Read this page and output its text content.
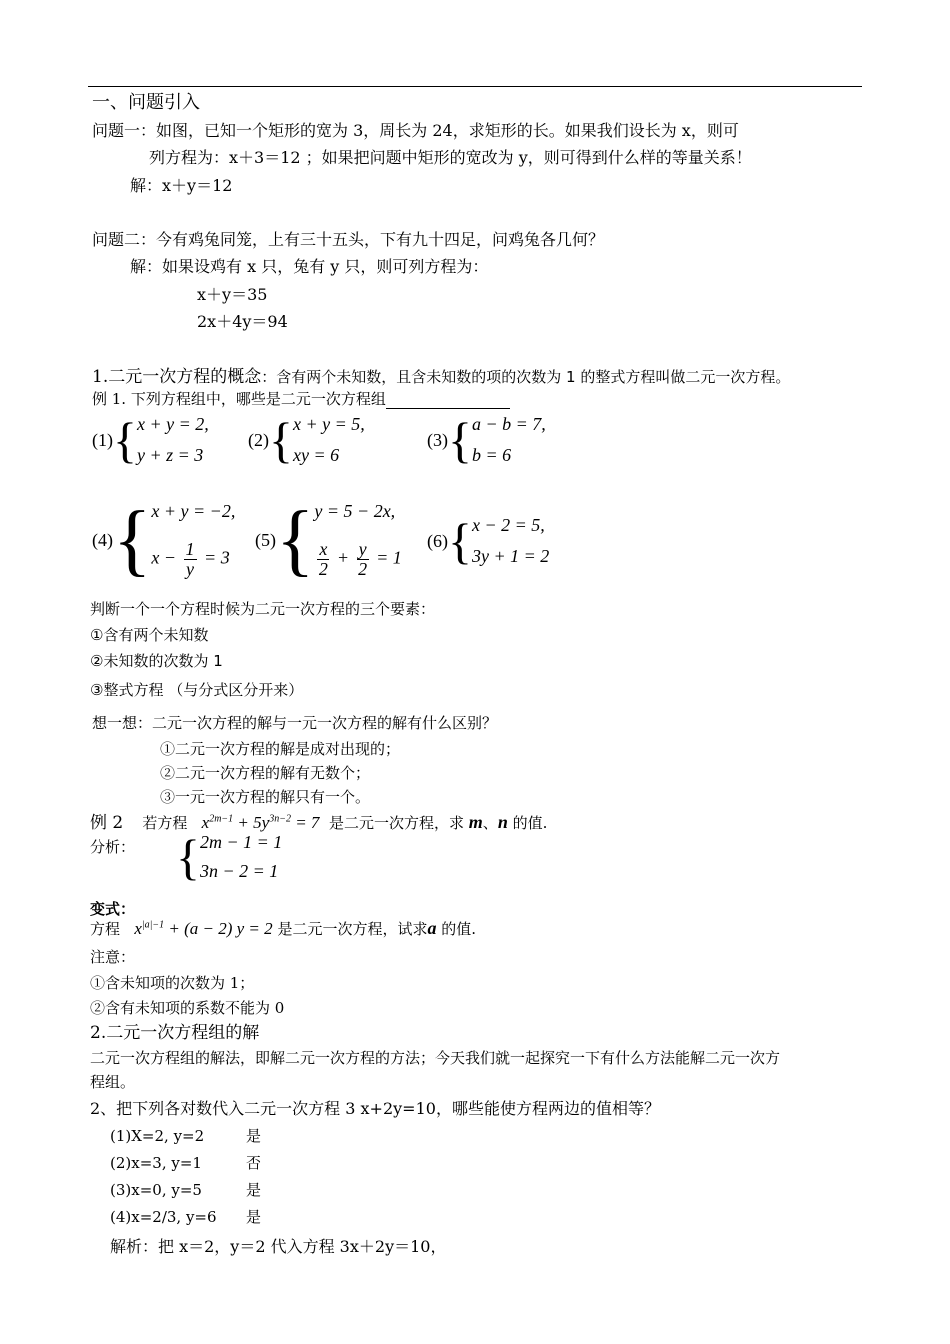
一、问题引入
问题一：如图，已知一个矩形的宽为 3，周长为 24，求矩形的长。如果我们设长为 x，则可
列方程为：x＋3＝12 ；如果把问题中矩形的宽改为 y，则可得到什么样的等量关系！
解：x＋y＝12
问题二：今有鸡兔同笼，上有三十五头，下有九十四足，问鸡兔各几何？
解：如果设鸡有 x 只，兔有 y 只，则可列方程为：
x＋y＝35
2x＋4y＝94
1.二元一次方程的概念：含有两个未知数，且含未知数的项的次数为 1 的整式方程叫做二元一次方程。
例 1. 下列方程组中，哪些是二元一次方程组
(1) { x + y = 2,
y + z = 3
(2) { x + y = 5,
xy = 6
(3) { a − b = 7,
b = 6
(4) { x + y = −2,
$x - \frac{1}{y} = 3$
(5) { y = 5 − 2x,
$\frac{x}{2} + \frac{y}{2} = 1$
(6) { x − 2 = 5,
3y + 1 = 2
判断一个一个方程时候为二元一次方程的三个要素：
①含有两个未知数
②未知数的次数为 1
③整式方程 （与分式区分开来）
想一想：二元一次方程的解与一元一次方程的解有什么区别？
①二元一次方程的解是成对出现的；
②二元一次方程的解有无数个；
③一元一次方程的解只有一个。
例 2 若方程 $x^{2m-1} + 5y^{3n-2} = 7$ 是二元一次方程，求 m、n 的值.
分析： { 2m − 1 = 1
3n − 2 = 1
变式：
方程 $x^{|a|-1} + (a - 2) y = 2$ 是二元一次方程，试求a 的值.
注意：
①含未知项的次数为 1；
②含有未知项的系数不能为 0
2.二元一次方程组的解
二元一次方程组的解法，即解二元一次方程的方法；今天我们就一起探究一下有什么方法能解二元一次方
程组。
2、把下列各对数代入二元一次方程 3 x+2y=10，哪些能使方程两边的值相等？
(1)X=2, y=2	是
(2)x=3, y=1	否
(3)x=0, y=5	是
(4)x=2/3, y=6 是
解析：把 x＝2，y＝2 代入方程 3x＋2y＝10，
